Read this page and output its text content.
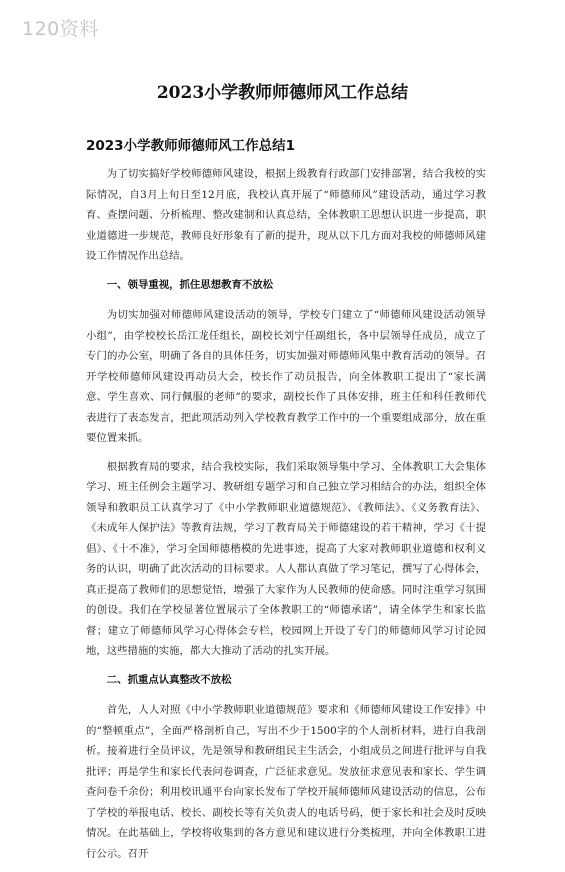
120资料
2023小学教师师德师风工作总结
2023小学教师师德师风工作总结1

为了切实搞好学校师德师风建设，根据上级教育行政部门安排部署，结合我校的实际情况，自3月上旬日至12月底，我校认真开展了“师德师风”建设活动，通过学习教育、查摆问题、分析梳理、整改建制和认真总结，全体教职工思想认识进一步提高，职业道德进一步规范，教师良好形象有了新的提升，现从以下几方面对我校的师德师风建设工作情况作出总结。

一、领导重视，抓住思想教育不放松

为切实加强对师德师风建设活动的领导，学校专门建立了“师德师风建设活动领导小组”，由学校校长岳江龙任组长，副校长刘宁任副组长，各中层领导任成员，成立了专门的办公室，明确了各自的具体任务，切实加强对师德师风集中教育活动的领导。召开学校师德师风建设再动员大会，校长作了动员报告，向全体教职工提出了“家长满意、学生喜欢、同行佩服的老师”的要求，副校长作了具体安排，班主任和科任教师代表进行了表态发言，把此项活动列入学校教育教学工作中的一个重要组成部分，放在重要位置来抓。

根据教育局的要求，结合我校实际，我们采取领导集中学习、全体教职工大会集体学习、班主任例会主题学习、教研组专题学习和自己独立学习相结合的办法，组织全体领导和教职员工认真学习了《中小学教师职业道德规范》、《教师法》、《义务教育法》、《未成年人保护法》等教育法规，学习了教育局关于师德建设的若干精神，学习《十提倡》、《十不准》，学习全国师德楷模的先进事迹，提高了大家对教师职业道德和权利义务的认识，明确了此次活动的目标要求。人人都认真做了学习笔记，撰写了心得体会，真正提高了教师们的思想觉悟，增强了大家作为人民教师的使命感。同时注重学习氛围的创设。我们在学校显著位置展示了全体教职工的“师德承诺”，请全体学生和家长监督；建立了师德师风学习心得体会专栏，校园网上开设了专门的师德师风学习讨论园地，这些措施的实施，都大大推动了活动的扎实开展。

二、抓重点认真整改不放松

首先，人人对照《中小学教师职业道德规范》要求和《师德师风建设工作安排》中的“整顿重点”，全面严格剖析自己，写出不少于1500字的个人剖析材料，进行自我剖析。接着进行全员评议，先是领导和教研组民主生活会，小组成员之间进行批评与自我批评；再是学生和家长代表问卷调查，广泛征求意见。发放征求意见表和家长、学生调查问卷千余份；利用校讯通平台向家长发布了学校开展师德师风建设活动的信息，公布了学校的举报电话、校长、副校长等有关负责人的电话号码，便于家长和社会及时反映情况。在此基础上，学校将收集到的各方意见和建议进行分类梳理，并向全体教职工进行公示。召开
